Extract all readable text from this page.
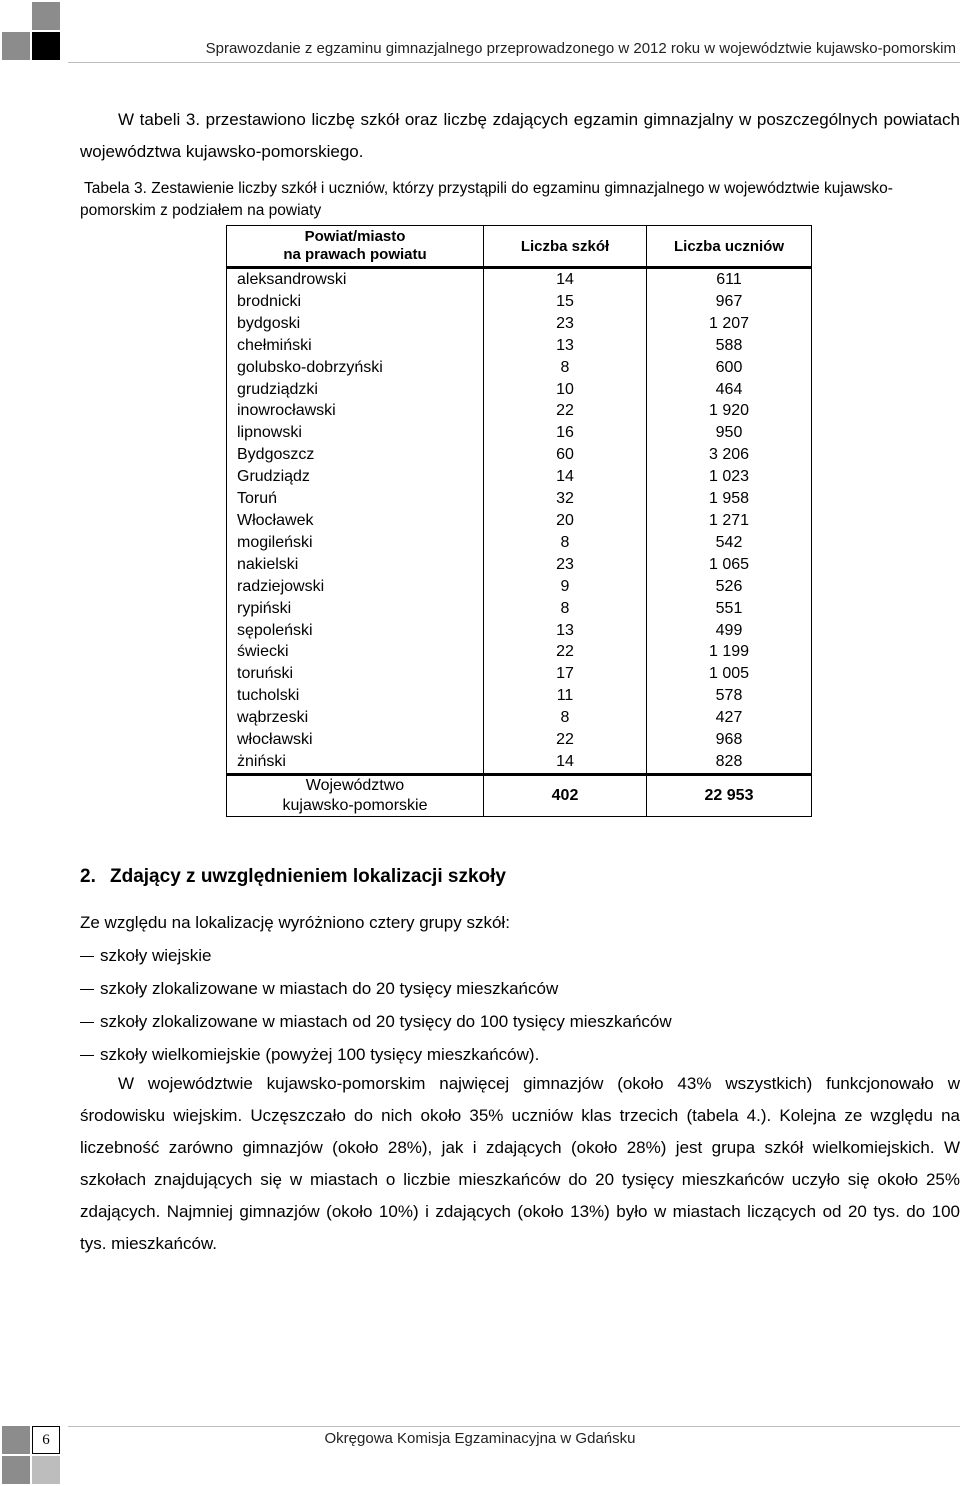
Sprawozdanie z egzaminu gimnazjalnego przeprowadzonego w 2012 roku w województwie kujawsko-pomorskim
W tabeli 3. przestawiono liczbę szkół oraz liczbę zdających egzamin gimnazjalny w poszczególnych powiatach województwa kujawsko-pomorskiego.
Tabela 3. Zestawienie liczby szkół i uczniów, którzy przystąpili do egzaminu gimnazjalnego w województwie kujawsko-pomorskim z podziałem na powiaty
Powiat/miasto
na prawach powiatu	Liczba szkół	Liczba uczniów
aleksandrowski	14	611
brodnicki	15	967
bydgoski	23	1 207
chełmiński	13	588
golubsko-dobrzyński	8	600
grudziądzki	10	464
inowrocławski	22	1 920
lipnowski	16	950
Bydgoszcz	60	3 206
Grudziądz	14	1 023
Toruń	32	1 958
Włocławek	20	1 271
mogileński	8	542
nakielski	23	1 065
radziejowski	9	526
rypiński	8	551
sępoleński	13	499
świecki	22	1 199
toruński	17	1 005
tucholski	11	578
wąbrzeski	8	427
włocławski	22	968
żniński	14	828

Województwo
kujawsko-pomorskie	402	22 953
2. Zdający z uwzględnieniem lokalizacji szkoły
Ze względu na lokalizację wyróżniono cztery grupy szkół:
szkoły wiejskie
szkoły zlokalizowane w miastach do 20 tysięcy mieszkańców
szkoły zlokalizowane w miastach od 20 tysięcy do 100 tysięcy mieszkańców
szkoły wielkomiejskie (powyżej 100 tysięcy mieszkańców).
W województwie kujawsko-pomorskim najwięcej gimnazjów (około 43% wszystkich) funkcjonowało w środowisku wiejskim. Uczęszczało do nich około 35% uczniów klas trzecich (tabela 4.). Kolejna ze względu na liczebność zarówno gimnazjów (około 28%), jak i zdających (około 28%) jest grupa szkół wielkomiejskich. W szkołach znajdujących się w miastach o liczbie mieszkańców do 20 tysięcy mieszkańców uczyło się około 25% zdających. Najmniej gimnazjów (około 10%) i zdających (około 13%) było w miastach liczących od 20 tys. do 100 tys. mieszkańców.
6	Okręgowa Komisja Egzaminacyjna w Gdańsku
